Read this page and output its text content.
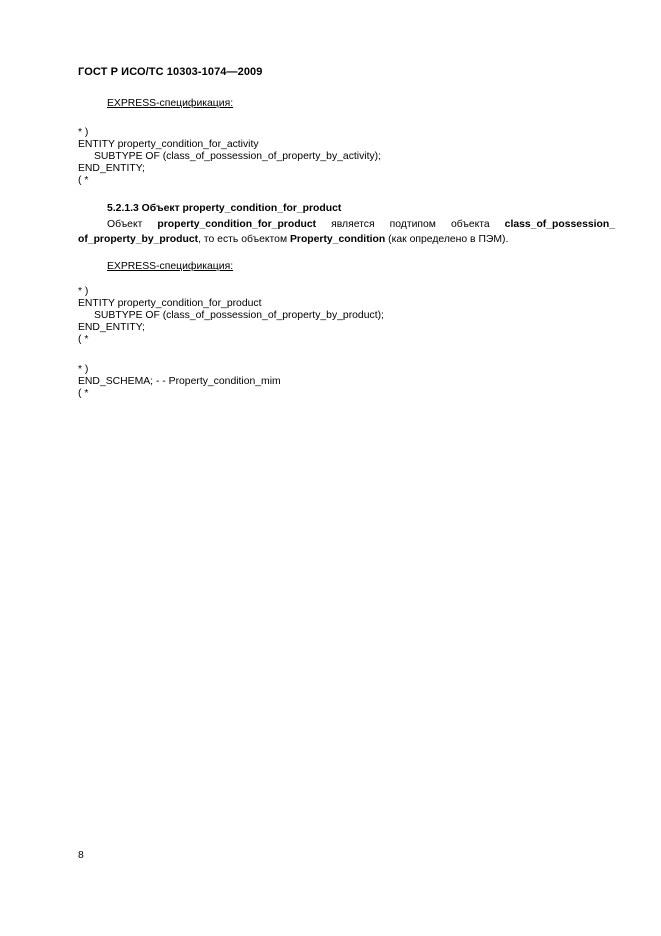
ГОСТ Р ИСО/ТС 10303-1074—2009
EXPRESS-спецификация:
* )
ENTITY property_condition_for_activity
SUBTYPE OF (class_of_possession_of_property_by_activity);
END_ENTITY;
( *
5.2.1.3 Объект property_condition_for_product

Объект property_condition_for_product является подтипом объекта class_of_possession_

of_property_by_product, то есть объектом Property_condition (как определено в ПЭМ).

EXPRESS-спецификация:
* )
ENTITY property_condition_for_product
SUBTYPE OF (class_of_possession_of_property_by_product);
END_ENTITY;
( *
* )
END_SCHEMA; - - Property_condition_mim
( *
8
